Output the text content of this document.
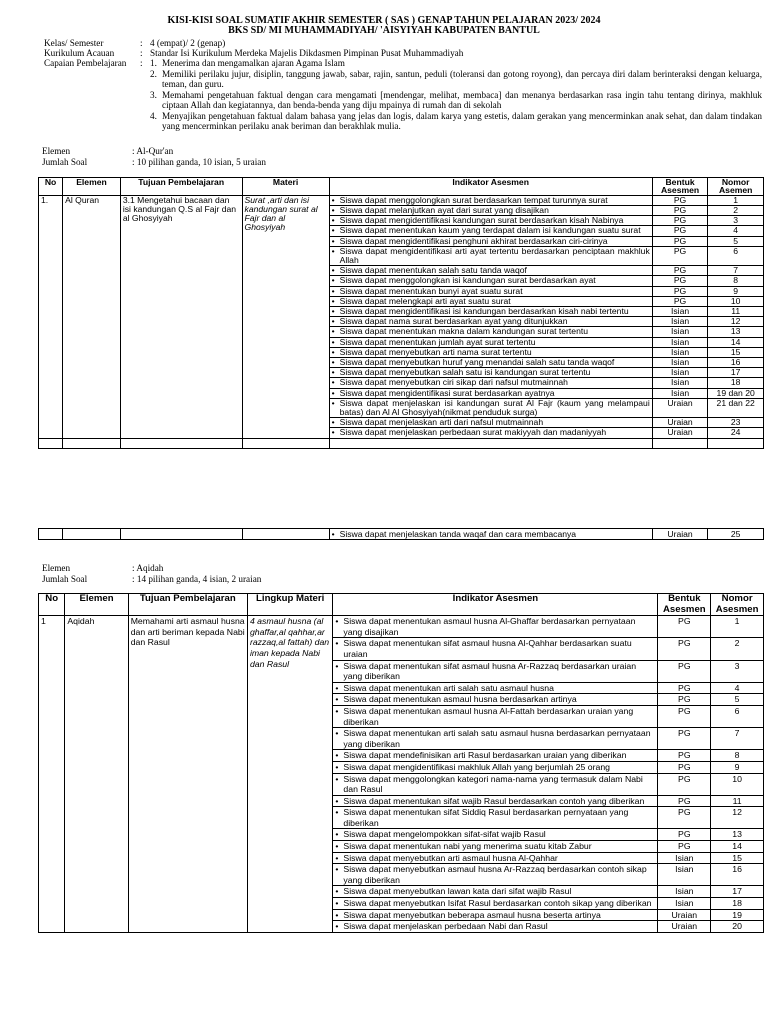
KISI-KISI SOAL SUMATIF AKHIR SEMESTER ( SAS ) GENAP TAHUN PELAJARAN 2023/ 2024
BKS SD/ MI MUHAMMADIYAH/ 'AISYIYAH KABUPATEN BANTUL
Kelas/ Semester	: 4 (empat)/ 2 (genap)
Kurikulum Acauan	: Standar Isi Kurikulum Merdeka Majelis Dikdasmen Pimpinan Pusat Muhammadiyah
Capaian Pembelajaran : 1. Menerima dan mengamalkan ajaran Agama Islam
2. Memiliki perilaku jujur, disiplin, tanggung jawab, sabar, rajin, santun, peduli (toleransi dan gotong royong), dan percaya diri dalam berinteraksi dengan keluarga, teman, dan guru.
3. Memahami pengetahuan faktual dengan cara mengamati [mendengar, melihat, membaca] dan menanya berdasarkan rasa ingin tahu tentang dirinya, makhluk ciptaan Allah dan kegiatannya, dan benda-benda yang diju mpainya di rumah dan di sekolah
4. Menyajikan pengetahuan faktual dalam bahasa yang jelas dan logis, dalam karya yang estetis, dalam gerakan yang mencerminkan anak sehat, dan dalam tindakan yang mencerminkan perilaku anak beriman dan berakhlak mulia.
Elemen	: Al-Qur'an
Jumlah Soal	: 10 pilihan ganda, 10 isian, 5 uraian
No	Elemen	Tujuan Pembelajaran	Materi	Indikator Asesmen	Bentuk Asesmen	Nomor Asemen
1.	Al Quran	3.1 Mengetahui bacaan dan isi kandungan Q.S al Fajr dan al Ghosyiyah	Surat ,arti dan isi kandungan surat al Fajr dan al Ghosyiyah	• Siswa dapat menggolongkan surat berdasarkan tempat turunnya surat	PG	1

				• Siswa dapat melanjutkan ayat dari surat yang disajikan	PG	2

				• Siswa dapat mengidentifikasi kandungan surat berdasarkan kisah Nabinya	PG	3

				• Siswa dapat menentukan kaum yang terdapat dalam isi kandungan suatu surat	PG	4

				• Siswa dapat mengidentifikasi penghuni akhirat berdasarkan ciri-cirinya	PG	5

				• Siswa dapat mengidentifikasi arti ayat tertentu berdasarkan penciptaan makhluk Allah	PG	6

				• Siswa dapat menentukan salah satu tanda waqof	PG	7

				• Siswa dapat menggolongkan isi kandungan surat berdasarkan ayat	PG	8

				• Siswa dapat menentukan bunyi ayat suatu surat	PG	9

				• Siswa dapat melengkapi arti ayat suatu surat	PG	10

				• Siswa dapat mengidentifikasi isi kandungan berdasarkan kisah nabi tertentu	Isian	11

				• Siswa dapat nama surat berdasarkan ayat yang ditunjukkan	Isian	12

				• Siswa dapat menentukan makna dalam kandungan surat tertentu	Isian	13

				• Siswa dapat menentukan jumlah ayat surat tertentu	Isian	14

				• Siswa dapat menyebutkan arti nama surat tertentu	Isian	15

				• Siswa dapat menyebutkan huruf yang menandai salah satu tanda waqof	Isian	16

				• Siswa dapat menyebutkan salah satu isi kandungan surat tertentu	Isian	17

				• Siswa dapat menyebutkan ciri sikap dari nafsul mutmainnah	Isian	18

				• Siswa dapat mengidentifikasi surat berdasarkan ayatnya	Isian	19 dan 20

				• Siswa dapat menjelaskan isi kandungan surat Al Fajr (kaum yang melampaui batas) dan Al Al Ghosyiyah(nikmat penduduk surga)	Uraian	21 dan 22

				• Siswa dapat menjelaskan arti dari nafsul mutmainnah	Uraian	23

				• Siswa dapat menjelaskan perbedaan surat makiyyah dan madaniyyah	Uraian	24

• Siswa dapat menjelaskan tanda waqaf dan cara membacanya	Uraian	25
Elemen	: Aqidah
Jumlah Soal	: 14 pilihan ganda, 4 isian, 2 uraian
No	Elemen	Tujuan Pembelajaran	Lingkup Materi	Indikator Asesmen	Bentuk Asesmen	Nomor Asesmen
1	Aqidah	Memahami arti asmaul husna dan arti beriman kepada Nabi dan Rasul	4 asmaul husna (al ghaffar,al qahhar,ar razzaq,al fattah) dan iman kepada Nabi dan Rasul	• Siswa dapat menentukan asmaul husna Al-Ghaffar berdasarkan pernyataan yang disajikan	PG	1

				• Siswa dapat menentukan sifat asmaul husna Al-Qahhar berdasarkan suatu uraian	PG	2

				• Siswa dapat menentukan sifat asmaul husna Ar-Razzaq berdasarkan uraian yang diberikan	PG	3

				• Siswa dapat menentukan arti salah satu asmaul husna	PG	4

				• Siswa dapat menentukan asmaul husna berdasarkan artinya	PG	5

				• Siswa dapat menentukan asmaul husna Al-Fattah berdasarkan uraian yang diberikan	PG	6

				• Siswa dapat menentukan arti salah satu asmaul husna berdasarkan pernyataan yang diberikan	PG	7

				• Siswa dapat mendefinisikan arti Rasul berdasarkan uraian yang diberikan	PG	8

				• Siswa dapat mengidentifikasi makhluk Allah yang berjumlah 25 orang	PG	9

				• Siswa dapat menggolongkan kategori nama-nama yang termasuk dalam Nabi dan Rasul	PG	10

				• Siswa dapat menentukan sifat wajib Rasul berdasarkan contoh yang diberikan	PG	11

				• Siswa dapat menentukan sifat Siddiq Rasul berdasarkan pernyataan yang diberikan	PG	12

				• Siswa dapat mengelompokkan sifat-sifat wajib Rasul	PG	13

				• Siswa dapat menentukan nabi yang menerima suatu kitab Zabur	PG	14

				• Siswa dapat menyebutkan arti asmaul husna Al-Qahhar	Isian	15

				• Siswa dapat menyebutkan asmaul husna Ar-Razzaq berdasarkan contoh sikap yang diberikan	Isian	16

				• Siswa dapat menyebutkan lawan kata dari sifat wajib Rasul	Isian	17

				• Siswa dapat menyebutkan Isifat Rasul berdasarkan contoh sikap yang diberikan	Isian	18

				• Siswa dapat menyebutkan beberapa asmaul husna beserta artinya	Uraian	19

				• Siswa dapat menjelaskan perbedaan Nabi dan Rasul	Uraian	20
